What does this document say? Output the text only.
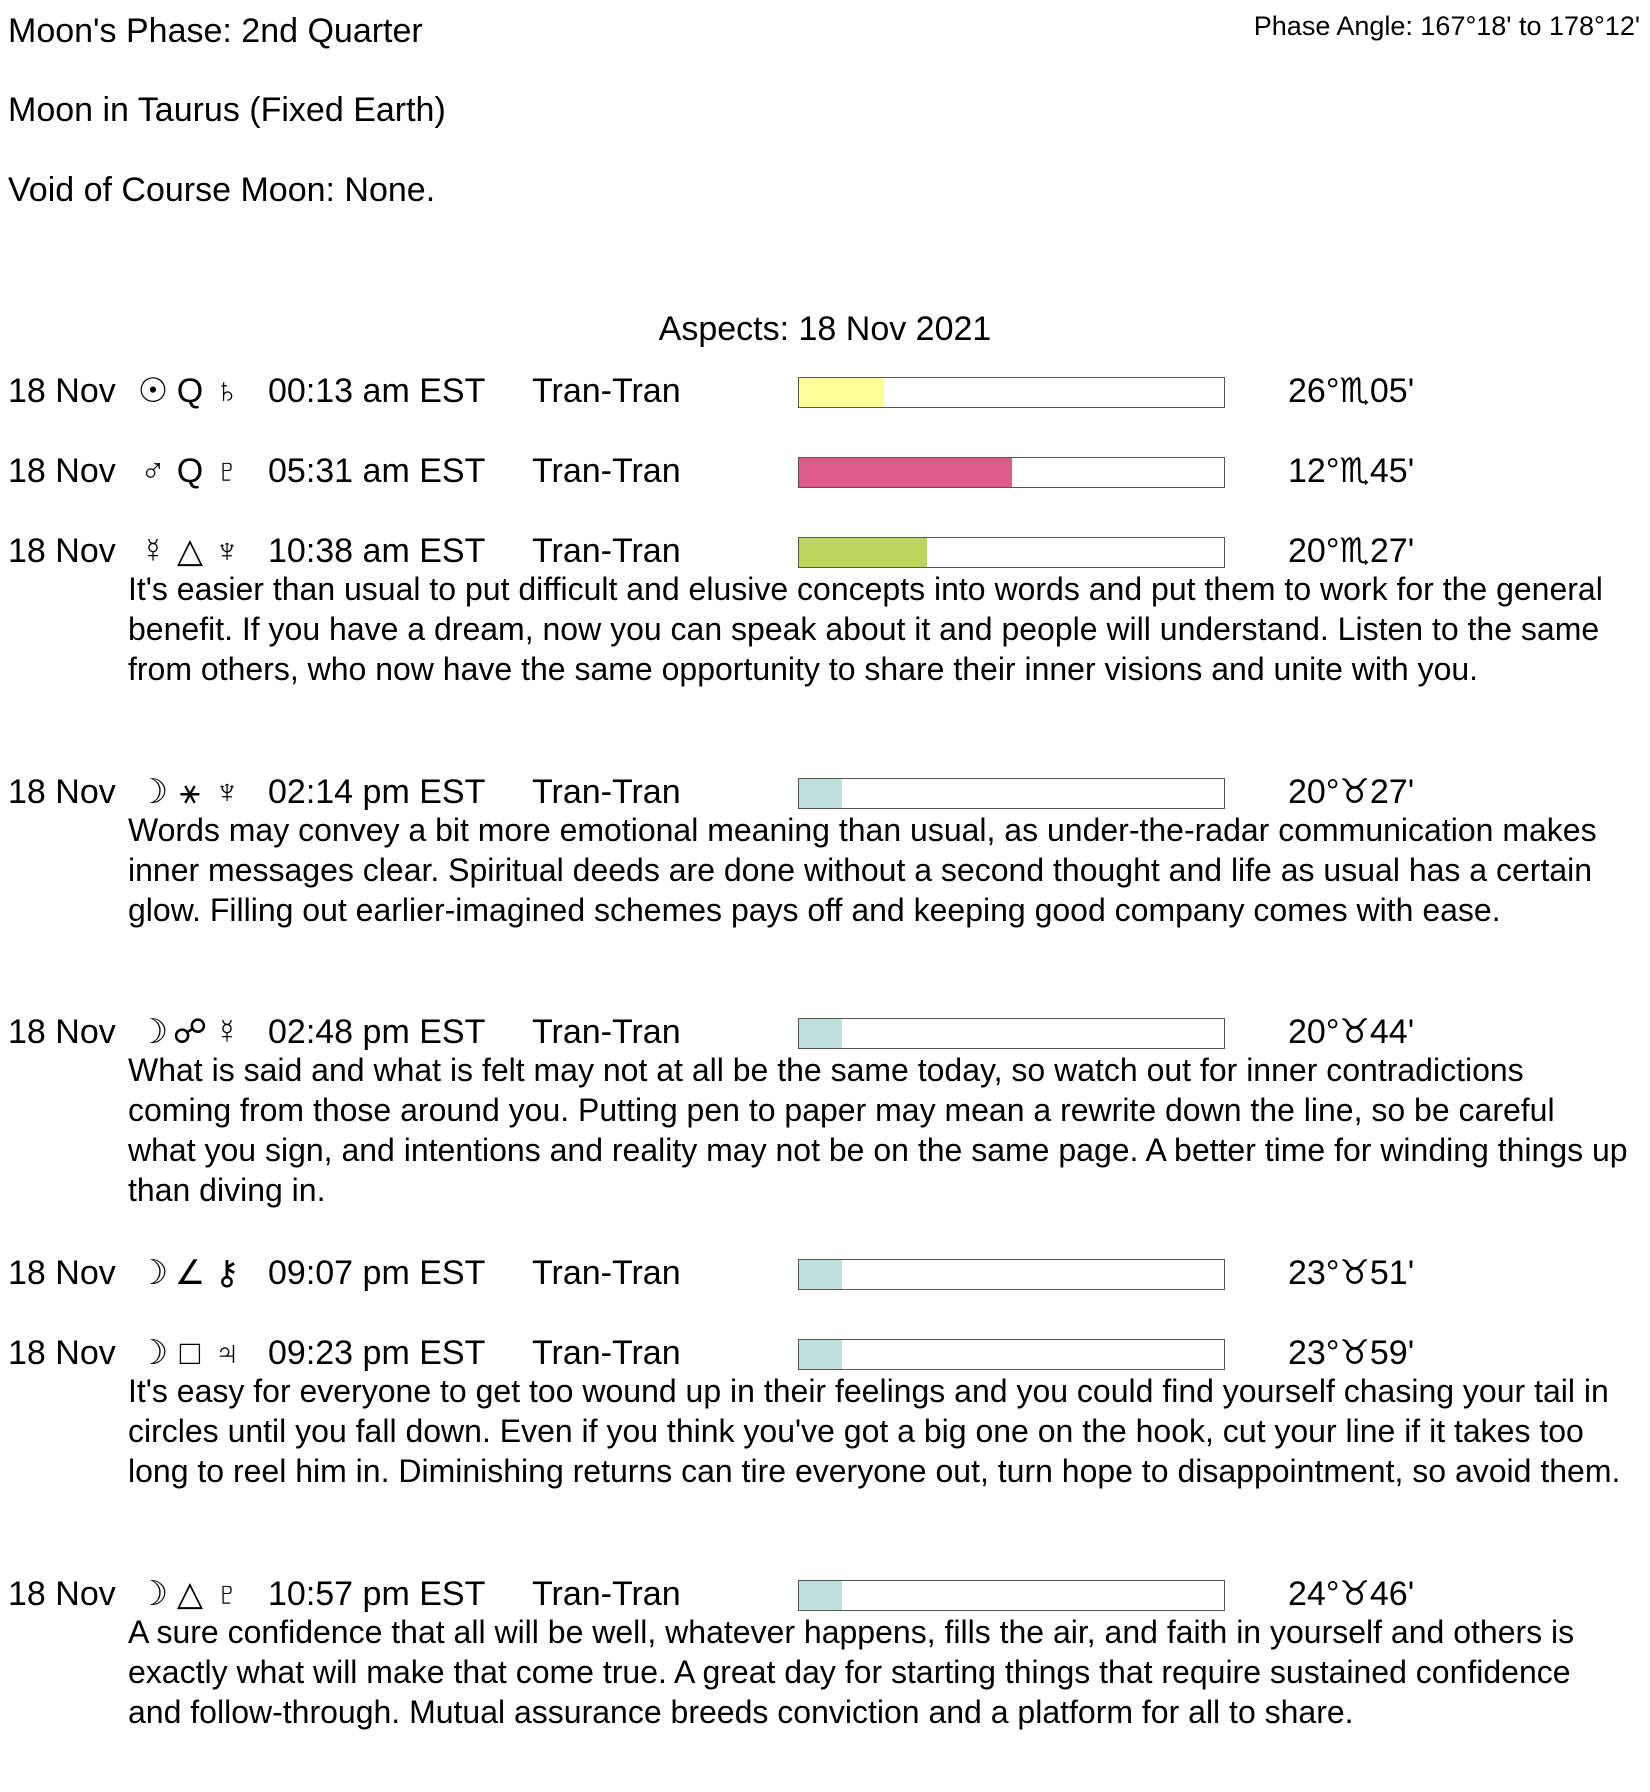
Moon's Phase: 2nd Quarter	Phase Angle: 167°18' to 178°12'
Moon in Taurus (Fixed Earth)
Void of Course Moon: None.
Aspects: 18 Nov 2021
18 Nov ☉ Q ♄ 00:13 am EST Tran-Tran	26°♏05'
18 Nov ♂ Q ♇ 05:31 am EST Tran-Tran	12°♏45'
18 Nov ☿ △ ♆ 10:38 am EST Tran-Tran	20°♏27'
It's easier than usual to put difficult and elusive concepts into words and put them to work for the general benefit. If you have a dream, now you can speak about it and people will understand. Listen to the same from others, who now have the same opportunity to share their inner visions and unite with you.
18 Nov ☽ ⚹ ♆ 02:14 pm EST Tran-Tran	20°♉27'
Words may convey a bit more emotional meaning than usual, as under-the-radar communication makes inner messages clear. Spiritual deeds are done without a second thought and life as usual has a certain glow. Filling out earlier-imagined schemes pays off and keeping good company comes with ease.
18 Nov ☽ ☍ ☿ 02:48 pm EST Tran-Tran	20°♉44'
What is said and what is felt may not at all be the same today, so watch out for inner contradictions coming from those around you. Putting pen to paper may mean a rewrite down the line, so be careful what you sign, and intentions and reality may not be on the same page. A better time for winding things up than diving in.
18 Nov ☽ ∠ ⚷ 09:07 pm EST Tran-Tran	23°♉51'
18 Nov ☽ □ ♃ 09:23 pm EST Tran-Tran	23°♉59'
It's easy for everyone to get too wound up in their feelings and you could find yourself chasing your tail in circles until you fall down. Even if you think you've got a big one on the hook, cut your line if it takes too long to reel him in. Diminishing returns can tire everyone out, turn hope to disappointment, so avoid them.
18 Nov ☽ △ ♇ 10:57 pm EST Tran-Tran	24°♉46'
A sure confidence that all will be well, whatever happens, fills the air, and faith in yourself and others is exactly what will make that come true. A great day for starting things that require sustained confidence and follow-through. Mutual assurance breeds conviction and a platform for all to share.
